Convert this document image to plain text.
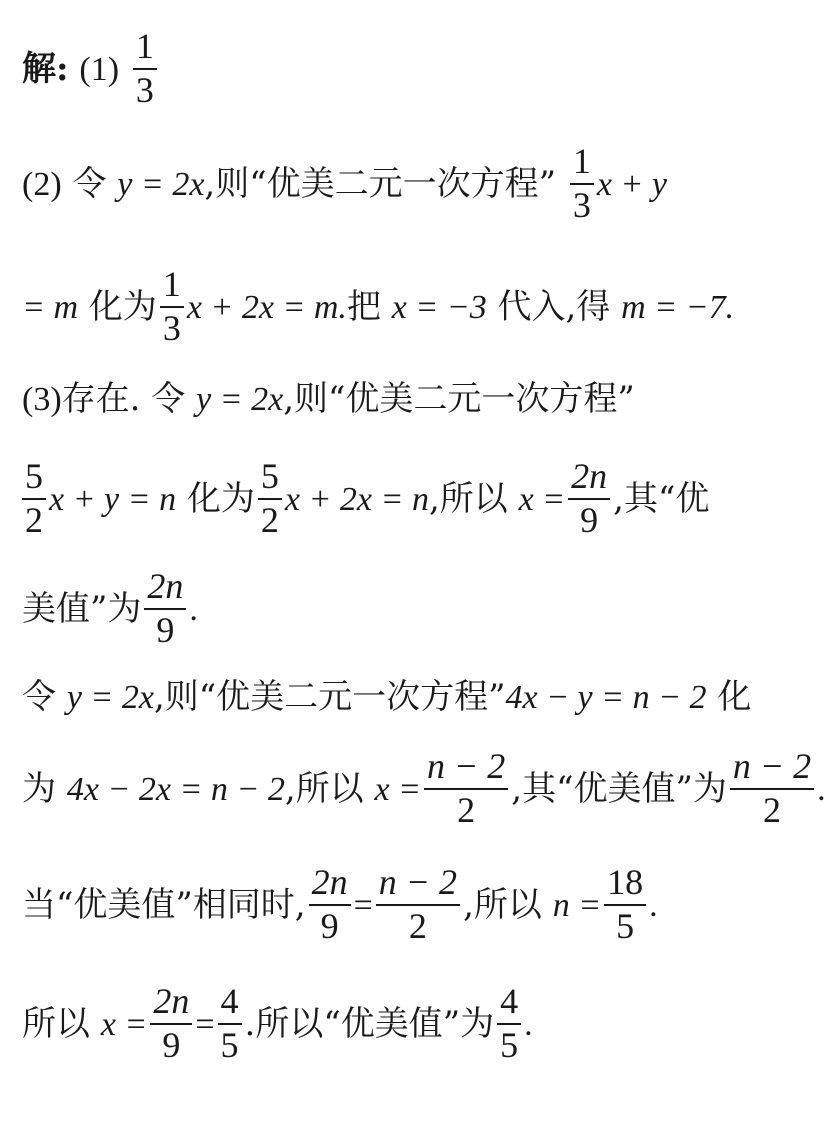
解: $(1) \frac{1}{3}$
(2) 令 y = 2x,则“优美二元一次方程” $\frac{1}{3}$ x + y
= m 化为 $\frac{1}{3}$ x + 2x = m.把 x = −3 代入,得 m = −7.
(3)存在. 令 y = 2x,则“优美二元一次方程”
$\frac{5}{2}$ x + y = n 化为 $\frac{5}{2}$ x + 2x = n,所以 $x = \frac{2n}{9}$ ,其“优
美值”为 $\frac{2n}{9}$ .
令 y = 2x,则“优美二元一次方程”4x − y = n − 2 化
为 4x − 2x = n − 2,所以 $x = \frac{n - 2}{2}$ ,其“优美值”为 $\frac{n - 2}{2}$ .
当“优美值”相同时, $\frac{2n}{9} = \frac{n - 2}{2}$ ,所以 $n = \frac{18}{5}$ .
所以 $x = \frac{2n}{9} = \frac{4}{5}$ .所以“优美值”为 $\frac{4}{5}$ .
